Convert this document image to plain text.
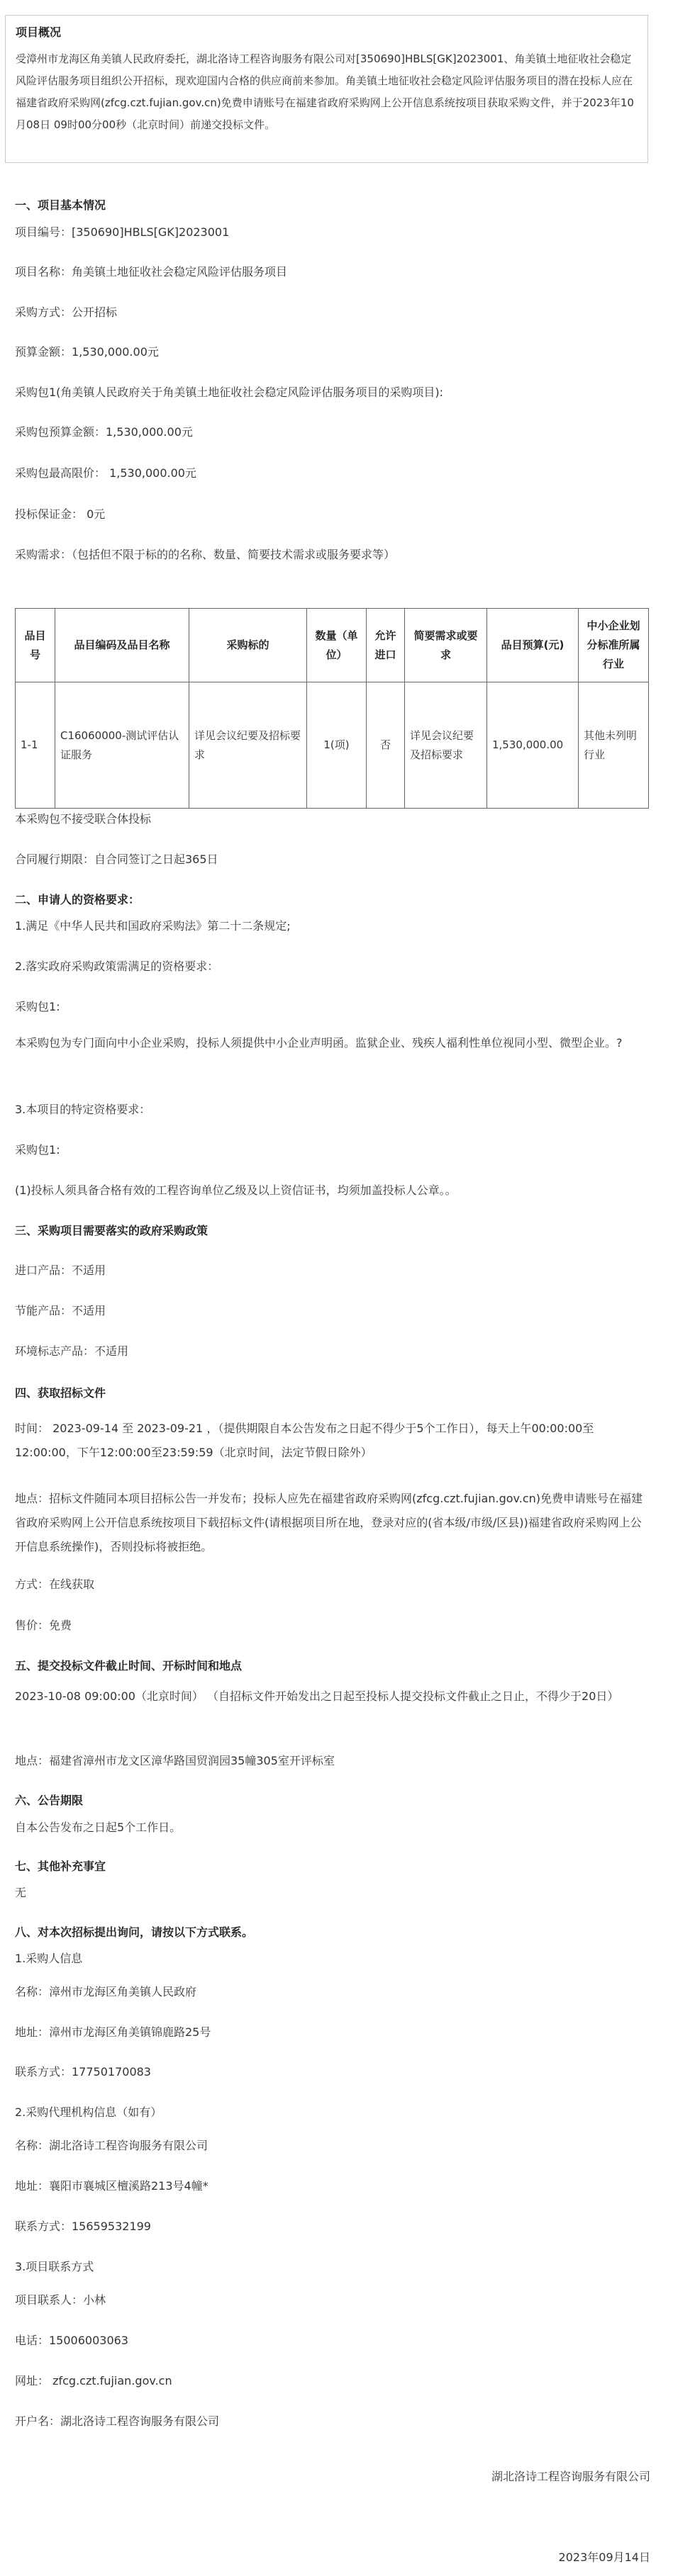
项目概况
受漳州市龙海区角美镇人民政府委托，湖北洛诗工程咨询服务有限公司对[350690]HBLS[GK]2023001、角美镇土地征收社会稳定风险评估服务项目组织公开招标，现欢迎国内合格的供应商前来参加。角美镇土地征收社会稳定风险评估服务项目的潜在投标人应在福建省政府采购网(zfcg.czt.fujian.gov.cn)免费申请账号在福建省政府采购网上公开信息系统按项目获取采购文件，并于2023年10月08日 09时00分00秒（北京时间）前递交投标文件。
一、项目基本情况
项目编号：[350690]HBLS[GK]2023001
项目名称：角美镇土地征收社会稳定风险评估服务项目
采购方式：公开招标
预算金额：1,530,000.00元
采购包1(角美镇人民政府关于角美镇土地征收社会稳定风险评估服务项目的采购项目):
采购包预算金额：1,530,000.00元
采购包最高限价： 1,530,000.00元
投标保证金： 0元
采购需求：（包括但不限于标的的名称、数量、简要技术需求或服务要求等）
品目号	品目编码及品目名称	采购标的	数量（单位）	允许进口	简要需求或要求	品目预算(元)	中小企业划分标准所属行业
1-1	C16060000-测试评估认证服务	详见会议纪要及招标要求	1(项)	否	详见会议纪要及招标要求	1,530,000.00	其他未列明行业
本采购包不接受联合体投标
合同履行期限：自合同签订之日起365日
二、申请人的资格要求：
1.满足《中华人民共和国政府采购法》第二十二条规定;
2.落实政府采购政策需满足的资格要求：
采购包1:
本采购包为专门面向中小企业采购，投标人须提供中小企业声明函。监狱企业、残疾人福利性单位视同小型、微型企业。?
3.本项目的特定资格要求：
采购包1:
(1)投标人须具备合格有效的工程咨询单位乙级及以上资信证书，均须加盖投标人公章。。
三、采购项目需要落实的政府采购政策
进口产品：不适用
节能产品：不适用
环境标志产品：不适用
四、获取招标文件
时间： 2023-09-14 至 2023-09-21 ，（提供期限自本公告发布之日起不得少于5个工作日），每天上午00:00:00至12:00:00，下午12:00:00至23:59:59（北京时间，法定节假日除外）
地点：招标文件随同本项目招标公告一并发布；投标人应先在福建省政府采购网(zfcg.czt.fujian.gov.cn)免费申请账号在福建省政府采购网上公开信息系统按项目下载招标文件(请根据项目所在地，登录对应的(省本级/市级/区县))福建省政府采购网上公开信息系统操作)，否则投标将被拒绝。
方式：在线获取
售价：免费
五、提交投标文件截止时间、开标时间和地点
2023-10-08 09:00:00（北京时间） （自招标文件开始发出之日起至投标人提交投标文件截止之日止，不得少于20日）
地点：福建省漳州市龙文区漳华路国贸润园35幢305室开评标室
六、公告期限
自本公告发布之日起5个工作日。
七、其他补充事宜
无
八、对本次招标提出询问，请按以下方式联系。
1.采购人信息
名称：漳州市龙海区角美镇人民政府
地址：漳州市龙海区角美镇锦鹿路25号
联系方式：17750170083
2.采购代理机构信息（如有）
名称：湖北洛诗工程咨询服务有限公司
地址：襄阳市襄城区檀溪路213号4幢*
联系方式：15659532199
3.项目联系方式
项目联系人：小林
电话：15006003063
网址： zfcg.czt.fujian.gov.cn
开户名：湖北洛诗工程咨询服务有限公司
湖北洛诗工程咨询服务有限公司
2023年09月14日
